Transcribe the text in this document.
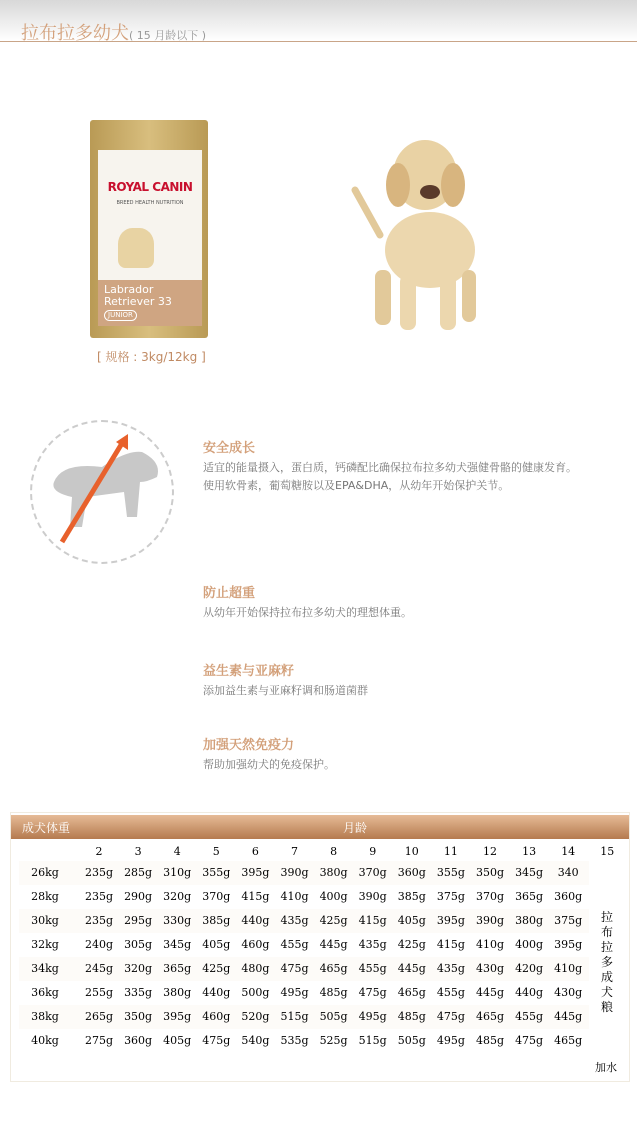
拉布拉多幼犬( 15 月龄以下 )
ROYAL CANIN
BREED HEALTH NUTRITION
Labrador
Retriever 33
JUNIOR
[ 规格 : 3kg/12kg ]
安全成长

适宜的能量摄入，蛋白质，钙磷配比确保拉布拉多幼犬强健骨骼的健康发育。
使用软骨素，葡萄糖胺以及EPA&DHA，从幼年开始保护关节。

防止超重

从幼年开始保持拉布拉多幼犬的理想体重。

益生素与亚麻籽

添加益生素与亚麻籽调和肠道菌群

加强天然免疫力

帮助加强幼犬的免疫保护。

成犬体重	月龄
拉布拉多成犬粮
加水
2	3	4	5	6	7	8	9	10	11	12	13	14	15
26kg	235g	285g	310g	355g	395g	390g	380g	370g	360g	355g	350g	345g	340
28kg	235g	290g	320g	370g	415g	410g	400g	390g	385g	375g	370g	365g	360g
30kg	235g	295g	330g	385g	440g	435g	425g	415g	405g	395g	390g	380g	375g
32kg	240g	305g	345g	405g	460g	455g	445g	435g	425g	415g	410g	400g	395g
34kg	245g	320g	365g	425g	480g	475g	465g	455g	445g	435g	430g	420g	410g
36kg	255g	335g	380g	440g	500g	495g	485g	475g	465g	455g	445g	440g	430g
38kg	265g	350g	395g	460g	520g	515g	505g	495g	485g	475g	465g	455g	445g
40kg	275g	360g	405g	475g	540g	535g	525g	515g	505g	495g	485g	475g	465g
